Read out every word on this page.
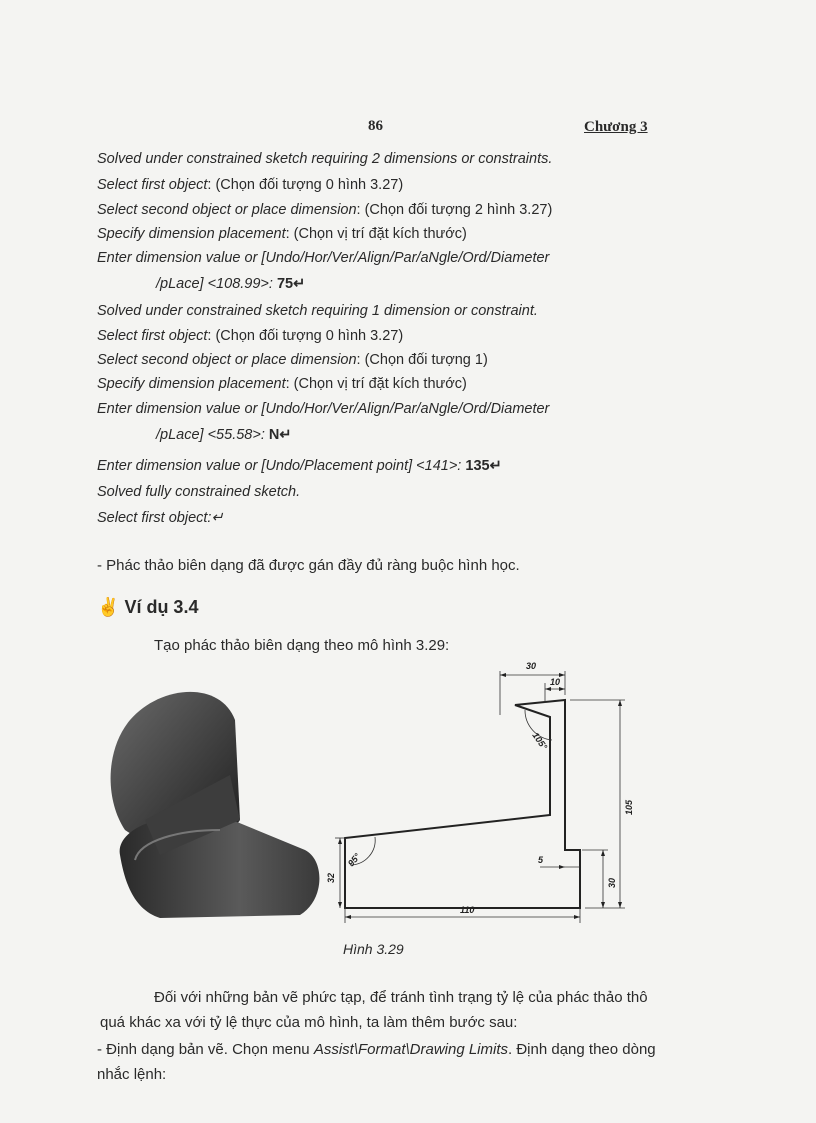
86	Chương 3
Solved under constrained sketch requiring 2 dimensions or constraints.
Select first object: (Chọn đối tượng 0 hình 3.27)
Select second object or place dimension: (Chọn đối tượng 2 hình 3.27)
Specify dimension placement: (Chọn vị trí đặt kích thước)
Enter dimension value or [Undo/Hor/Ver/Align/Par/aNgle/Ord/Diameter
/pLace] <108.99>: 75↵
Solved under constrained sketch requiring 1 dimension or constraint.
Select first object: (Chọn đối tượng 0 hình 3.27)
Select second object or place dimension: (Chọn đối tượng 1)
Specify dimension placement: (Chọn vị trí đặt kích thước)
Enter dimension value or [Undo/Hor/Ver/Align/Par/aNgle/Ord/Diameter
/pLace] <55.58>: N↵
Enter dimension value or [Undo/Placement point] <141>: 135↵
Solved fully constrained sketch.
Select first object:↵
- Phác thảo biên dạng đã được gán đầy đủ ràng buộc hình học.
✌ Ví dụ 3.4
Tạo phác thảo biên dạng theo mô hình 3.29:
30
10
105°
105
95°
32
5
30
110
Hình 3.29
Đối với những bản vẽ phức tạp, để tránh tình trạng tỷ lệ của phác thảo thô quá khác xa với tỷ lệ thực của mô hình, ta làm thêm bước sau:
- Định dạng bản vẽ. Chọn menu Assist\Format\Drawing Limits. Định dạng theo dòng nhắc lệnh:
